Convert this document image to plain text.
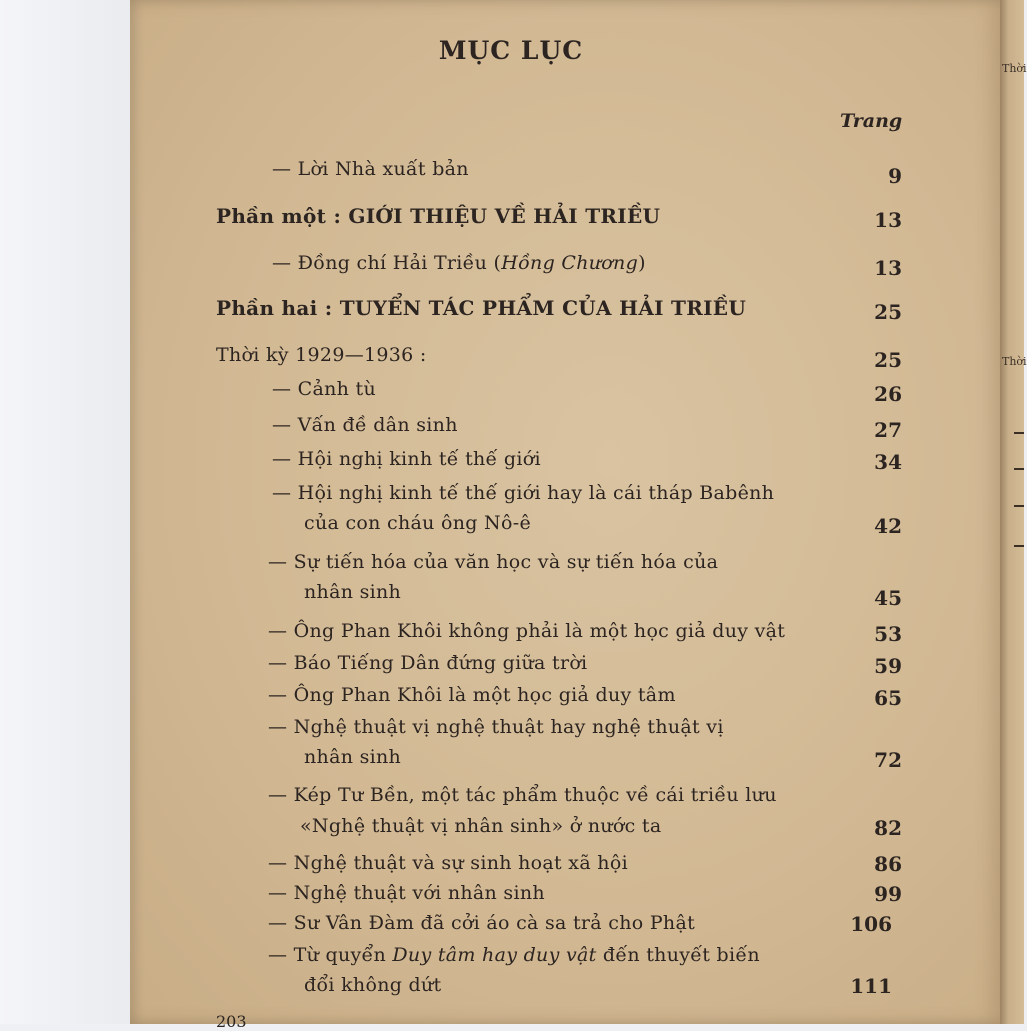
Thời
Thời
MỤC LỤC
Trang
— Lời Nhà xuất bản	9
Phần một : GIỚI THIỆU VỀ HẢI TRIỀU	13
— Đồng chí Hải Triều (Hồng Chương)	13
Phần hai : TUYỂN TÁC PHẨM CỦA HẢI TRIỀU	25
Thời kỳ 1929—1936 :	25
— Cảnh tù	26
— Vấn đề dân sinh	27
— Hội nghị kinh tế thế giới	34
— Hội nghị kinh tế thế giới hay là cái tháp Babênh
của con cháu ông Nô-ê	42
— Sự tiến hóa của văn học và sự tiến hóa của
nhân sinh	45
— Ông Phan Khôi không phải là một học giả duy vật	53
— Báo Tiếng Dân đứng giữa trời	59
— Ông Phan Khôi là một học giả duy tâm	65
— Nghệ thuật vị nghệ thuật hay nghệ thuật vị
nhân sinh	72
— Kép Tư Bền, một tác phẩm thuộc về cái triều lưu
«Nghệ thuật vị nhân sinh» ở nước ta	82
— Nghệ thuật và sự sinh hoạt xã hội	86
— Nghệ thuật với nhân sinh	99
— Sư Vân Đàm đã cởi áo cà sa trả cho Phật	106
— Từ quyển Duy tâm hay duy vật đến thuyết biến
đổi không dứt	111
203
